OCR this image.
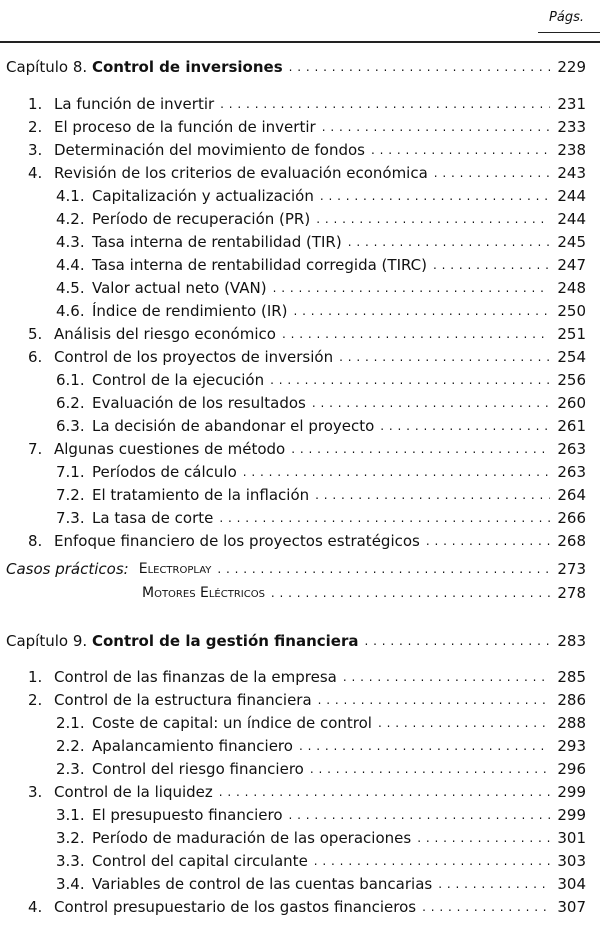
Págs.
Capítulo 8. Control de inversiones . . .	229
1. La función de invertir . . .	231
2. El proceso de la función de invertir . . .	233
3. Determinación del movimiento de fondos . . .	238
4. Revisión de los criterios de evaluación económica . . .	243
4.1. Capitalización y actualización . . .	244
4.2. Período de recuperación (PR) . . .	244
4.3. Tasa interna de rentabilidad (TIR) . . .	245
4.4. Tasa interna de rentabilidad corregida (TIRC) . . .	247
4.5. Valor actual neto (VAN) . . .	248
4.6. Índice de rendimiento (IR) . . .	250
5. Análisis del riesgo económico . . .	251
6. Control de los proyectos de inversión . . .	254
6.1. Control de la ejecución . . .	256
6.2. Evaluación de los resultados . . .	260
6.3. La decisión de abandonar el proyecto . . .	261
7. Algunas cuestiones de método . . .	263
7.1. Períodos de cálculo . . .	263
7.2. El tratamiento de la inflación . . .	264
7.3. La tasa de corte . . .	266
8. Enfoque financiero de los proyectos estratégicos . . .	268
Casos prácticos: Electroplay . . .	273
Motores Eléctricos . . .	278
Capítulo 9. Control de la gestión financiera . . .	283
1. Control de las finanzas de la empresa . . .	285
2. Control de la estructura financiera . . .	286
2.1. Coste de capital: un índice de control . . .	288
2.2. Apalancamiento financiero . . .	293
2.3. Control del riesgo financiero . . .	296
3. Control de la liquidez . . .	299
3.1. El presupuesto financiero . . .	299
3.2. Período de maduración de las operaciones . . .	301
3.3. Control del capital circulante . . .	303
3.4. Variables de control de las cuentas bancarias . . .	304
4. Control presupuestario de los gastos financieros . . .	307
